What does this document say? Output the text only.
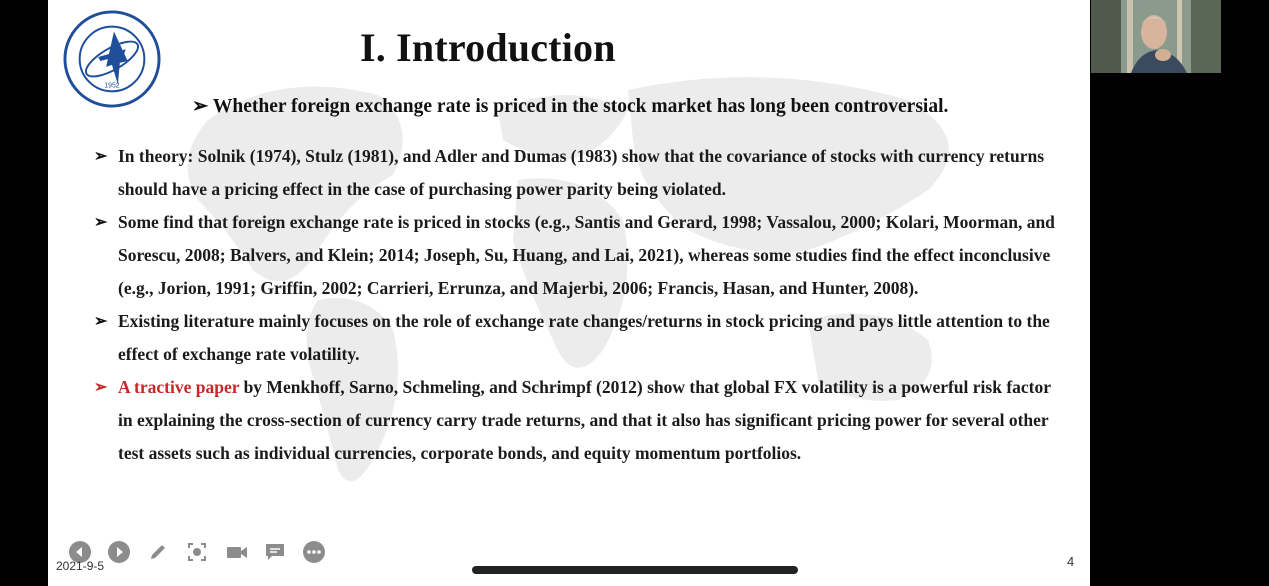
1952
I. Introduction
➢ Whether foreign exchange rate is priced in the stock market has long been controversial.
➢ In theory: Solnik (1974), Stulz (1981), and Adler and Dumas (1983) show that the covariance of stocks with currency returns should have a pricing effect in the case of purchasing power parity being violated.
➢ Some find that foreign exchange rate is priced in stocks (e.g., Santis and Gerard, 1998; Vassalou, 2000; Kolari, Moorman, and Sorescu, 2008; Balvers, and Klein; 2014; Joseph, Su, Huang, and Lai, 2021), whereas some studies find the effect inconclusive (e.g., Jorion, 1991; Griffin, 2002; Carrieri, Errunza, and Majerbi, 2006; Francis, Hasan, and Hunter, 2008).
➢ Existing literature mainly focuses on the role of exchange rate changes/returns in stock pricing and pays little attention to the effect of exchange rate volatility.
➢ A tractive paper by Menkhoff, Sarno, Schmeling, and Schrimpf (2012) show that global FX volatility is a powerful risk factor in explaining the cross-section of currency carry trade returns, and that it also has significant pricing power for several other test assets such as individual currencies, corporate bonds, and equity momentum portfolios.
2021-9-5	4
